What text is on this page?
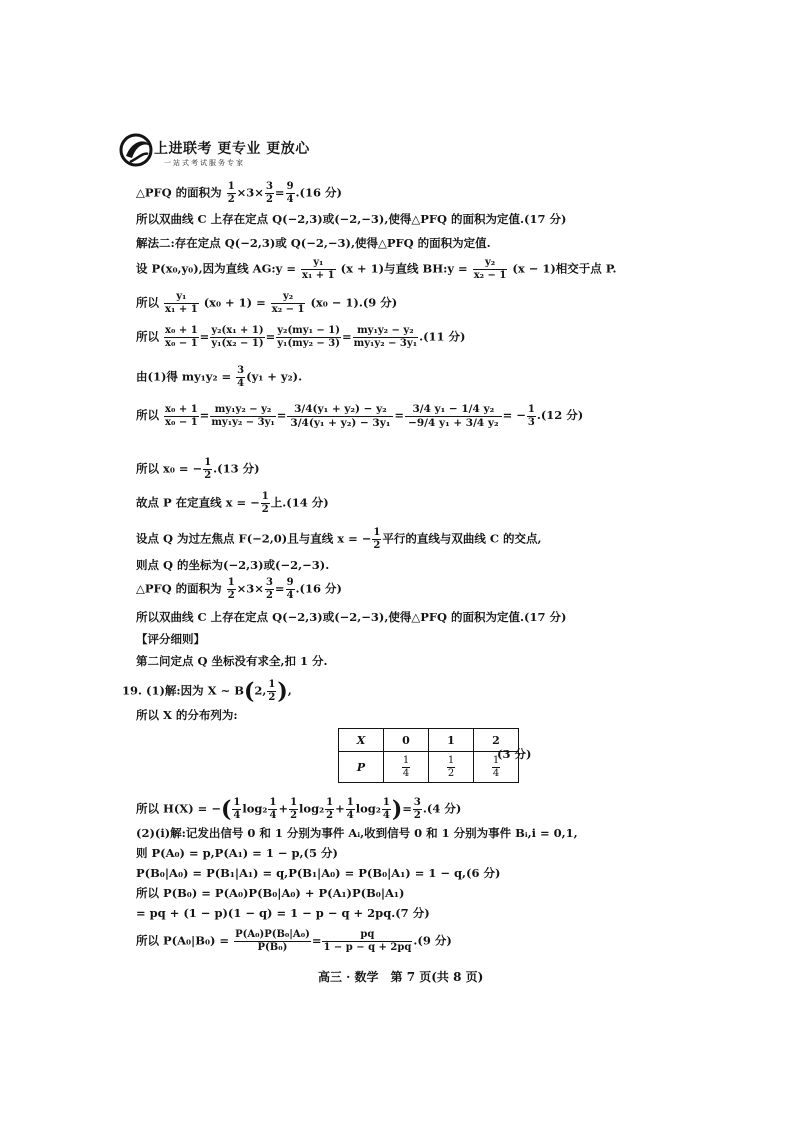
上进联考 更专业 更放心
一站式考试服务专家
△PFQ 的面积为 $\frac{1}{2} \times 3\times \frac{3}{2} = \frac{9}{4} .(16$ 分)
所以双曲线 C 上存在定点 Q(−2,3)或(−2,−3),使得△PFQ 的面积为定值.(17 分)
解法二:存在定点 Q(−2,3)或 Q(−2,−3),使得△PFQ 的面积为定值.
设 P(x₀,y₀),因为直线 AG:y = $\frac{\text{y₁}}{\text{x₁ + 1}} (x + 1)$与直线 BH:y = $\frac{\text{y₂}}{\text{x₂ − 1}} (x - 1)$相交于点 P.
所以 $\frac{\text{y₁}}{\text{x₁ + 1}} (x_0 + 1) = \frac{\text{y₂}}{\text{x₂ − 1}} (x_0 - 1).(9$ 分)
所以 $\frac{\text{x₀ + 1}}{\text{x₀ − 1}} = \frac{\text{y₂(x₁ + 1)}}{\text{y₁(x₂ − 1)}} = \frac{\text{y₂(my₁ − 1)}}{\text{y₁(my₂ − 3)}} = \frac{\text{my₁y₂ − y₂}}{\text{my₁y₂ − 3y₁}} .(11$ 分)
由(1)得 $my_1y_2 = \frac{3}{4} (y_1 + y_2)$.
所以 $\frac{\text{x₀ + 1}}{\text{x₀ − 1}} = \frac{\text{my₁y₂ − y₂}}{\text{my₁y₂ − 3y₁}} = \frac{\text{3/4(y₁ + y₂) − y₂}}{\text{3/4(y₁ + y₂) − 3y₁}} = \frac{\text{3/4 y₁ − 1/4 y₂}}{\text{−9/4 y₁ + 3/4 y₂}}$ = − $\frac{1}{3} .(12$ 分)
所以 x₀ = − $\frac{1}{2} .(13$ 分)
故点 P 在定直线 x = − $\frac{1}{2}$ 上.(14 分)
设点 Q 为过左焦点 F(−2,0)且与直线 x = − $\frac{1}{2}$ 平行的直线与双曲线 C 的交点,
则点 Q 的坐标为(−2,3)或(−2,−3).
△PFQ 的面积为 $\frac{1}{2} \times 3\times \frac{3}{2} = \frac{9}{4} .(16$ 分)
所以双曲线 C 上存在定点 Q(−2,3)或(−2,−3),使得△PFQ 的面积为定值.(17 分)
【评分细则】
第二问定点 Q 坐标没有求全,扣 1 分.
19. (1)解:因为 X ~ B(2, $\frac{1}{2}$ ),
所以 X 的分布列为:
X	0	1	2
P	$\frac{1}{4}$	$\frac{1}{2}$	$\frac{1}{4}$
(3 分)
所以 H(X) = −( $\frac{1}{4} \log_2 \frac{1}{4} + \frac{1}{2} \log_2 \frac{1}{2} + \frac{1}{4} \log_2 \frac{1}{4}$ )= $\frac{3}{2} .(4$ 分)
(2)(i)解:记发出信号 0 和 1 分别为事件 Aᵢ,收到信号 0 和 1 分别为事件 Bᵢ,i = 0,1,
则 P(A₀) = p,P(A₁) = 1 − p,(5 分)
P(B₀|A₀) = P(B₁|A₁) = q,P(B₁|A₀) = P(B₀|A₁) = 1 − q,(6 分)
所以 P(B₀) = P(A₀)P(B₀|A₀) + P(A₁)P(B₀|A₁)
= pq + (1 − p)(1 − q) = 1 − p − q + 2pq.(7 分)
所以 $P(A_0|B_0) = \frac{\text{P(A₀)P(B₀|A₀)}}{\text{P(B₀)}} = \frac{pq}{1 - p - q + 2pq} .(9$ 分)
高三 · 数学　第 7 页(共 8 页)
